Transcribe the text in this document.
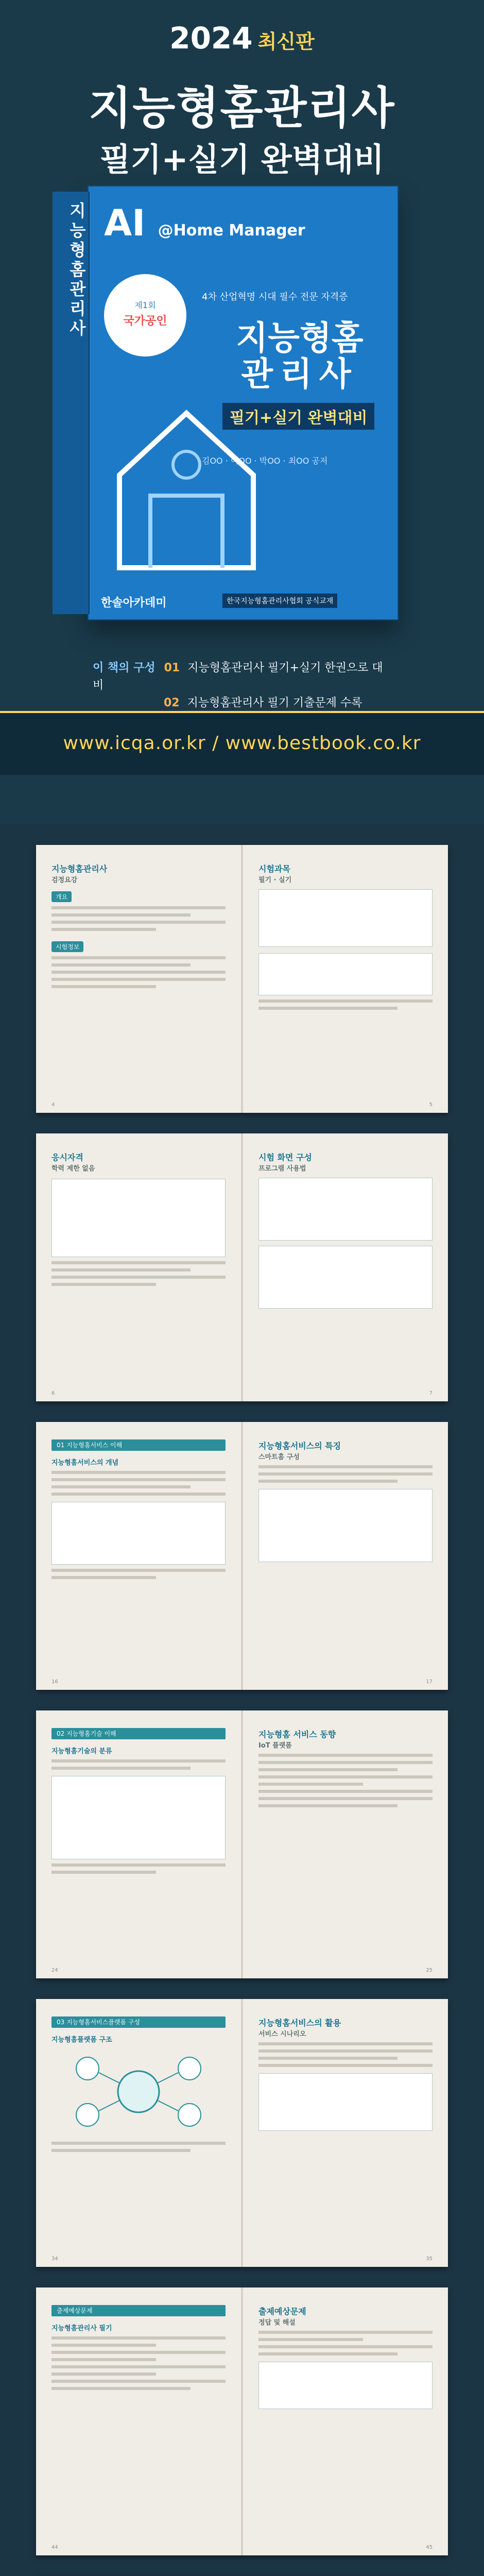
2024 최신판
지능형홈관리사
필기+실기 완벽대비
지능형홈관리사 AI @Home Manager
제1회
국가공인
4차 산업혁명 시대 필수 전문 자격증
지능형홈
관리사
필기+실기 완벽대비
김OO · 이OO · 박OO · 최OO 공저
한솔아카데미	한국지능형홈관리사협회 공식교재
이 책의 구성 01 지능형홈관리사 필기+실기 한권으로 대비
02 지능형홈관리사 필기 기출문제 수록
www.icqa.or.kr / www.bestbook.co.kr
지능형홈관리사
검정요강
개요
시험정보
4
시험과목
필기 · 실기
5
응시자격
학력 제한 없음
6
시험 화면 구성
프로그램 사용법
7
01 지능형홈서비스 이해
지능형홈서비스의 개념
16
지능형홈서비스의 특징
스마트홈 구성
17
02 지능형홈기술 이해
지능형홈기술의 분류
24
지능형홈 서비스 동향
IoT 플랫폼
25
03 지능형홈서비스플랫폼 구성
지능형홈플랫폼 구조
34
지능형홈서비스의 활용
서비스 시나리오
35
출제예상문제
지능형홈관리사 필기
44
출제예상문제
정답 및 해설
45
